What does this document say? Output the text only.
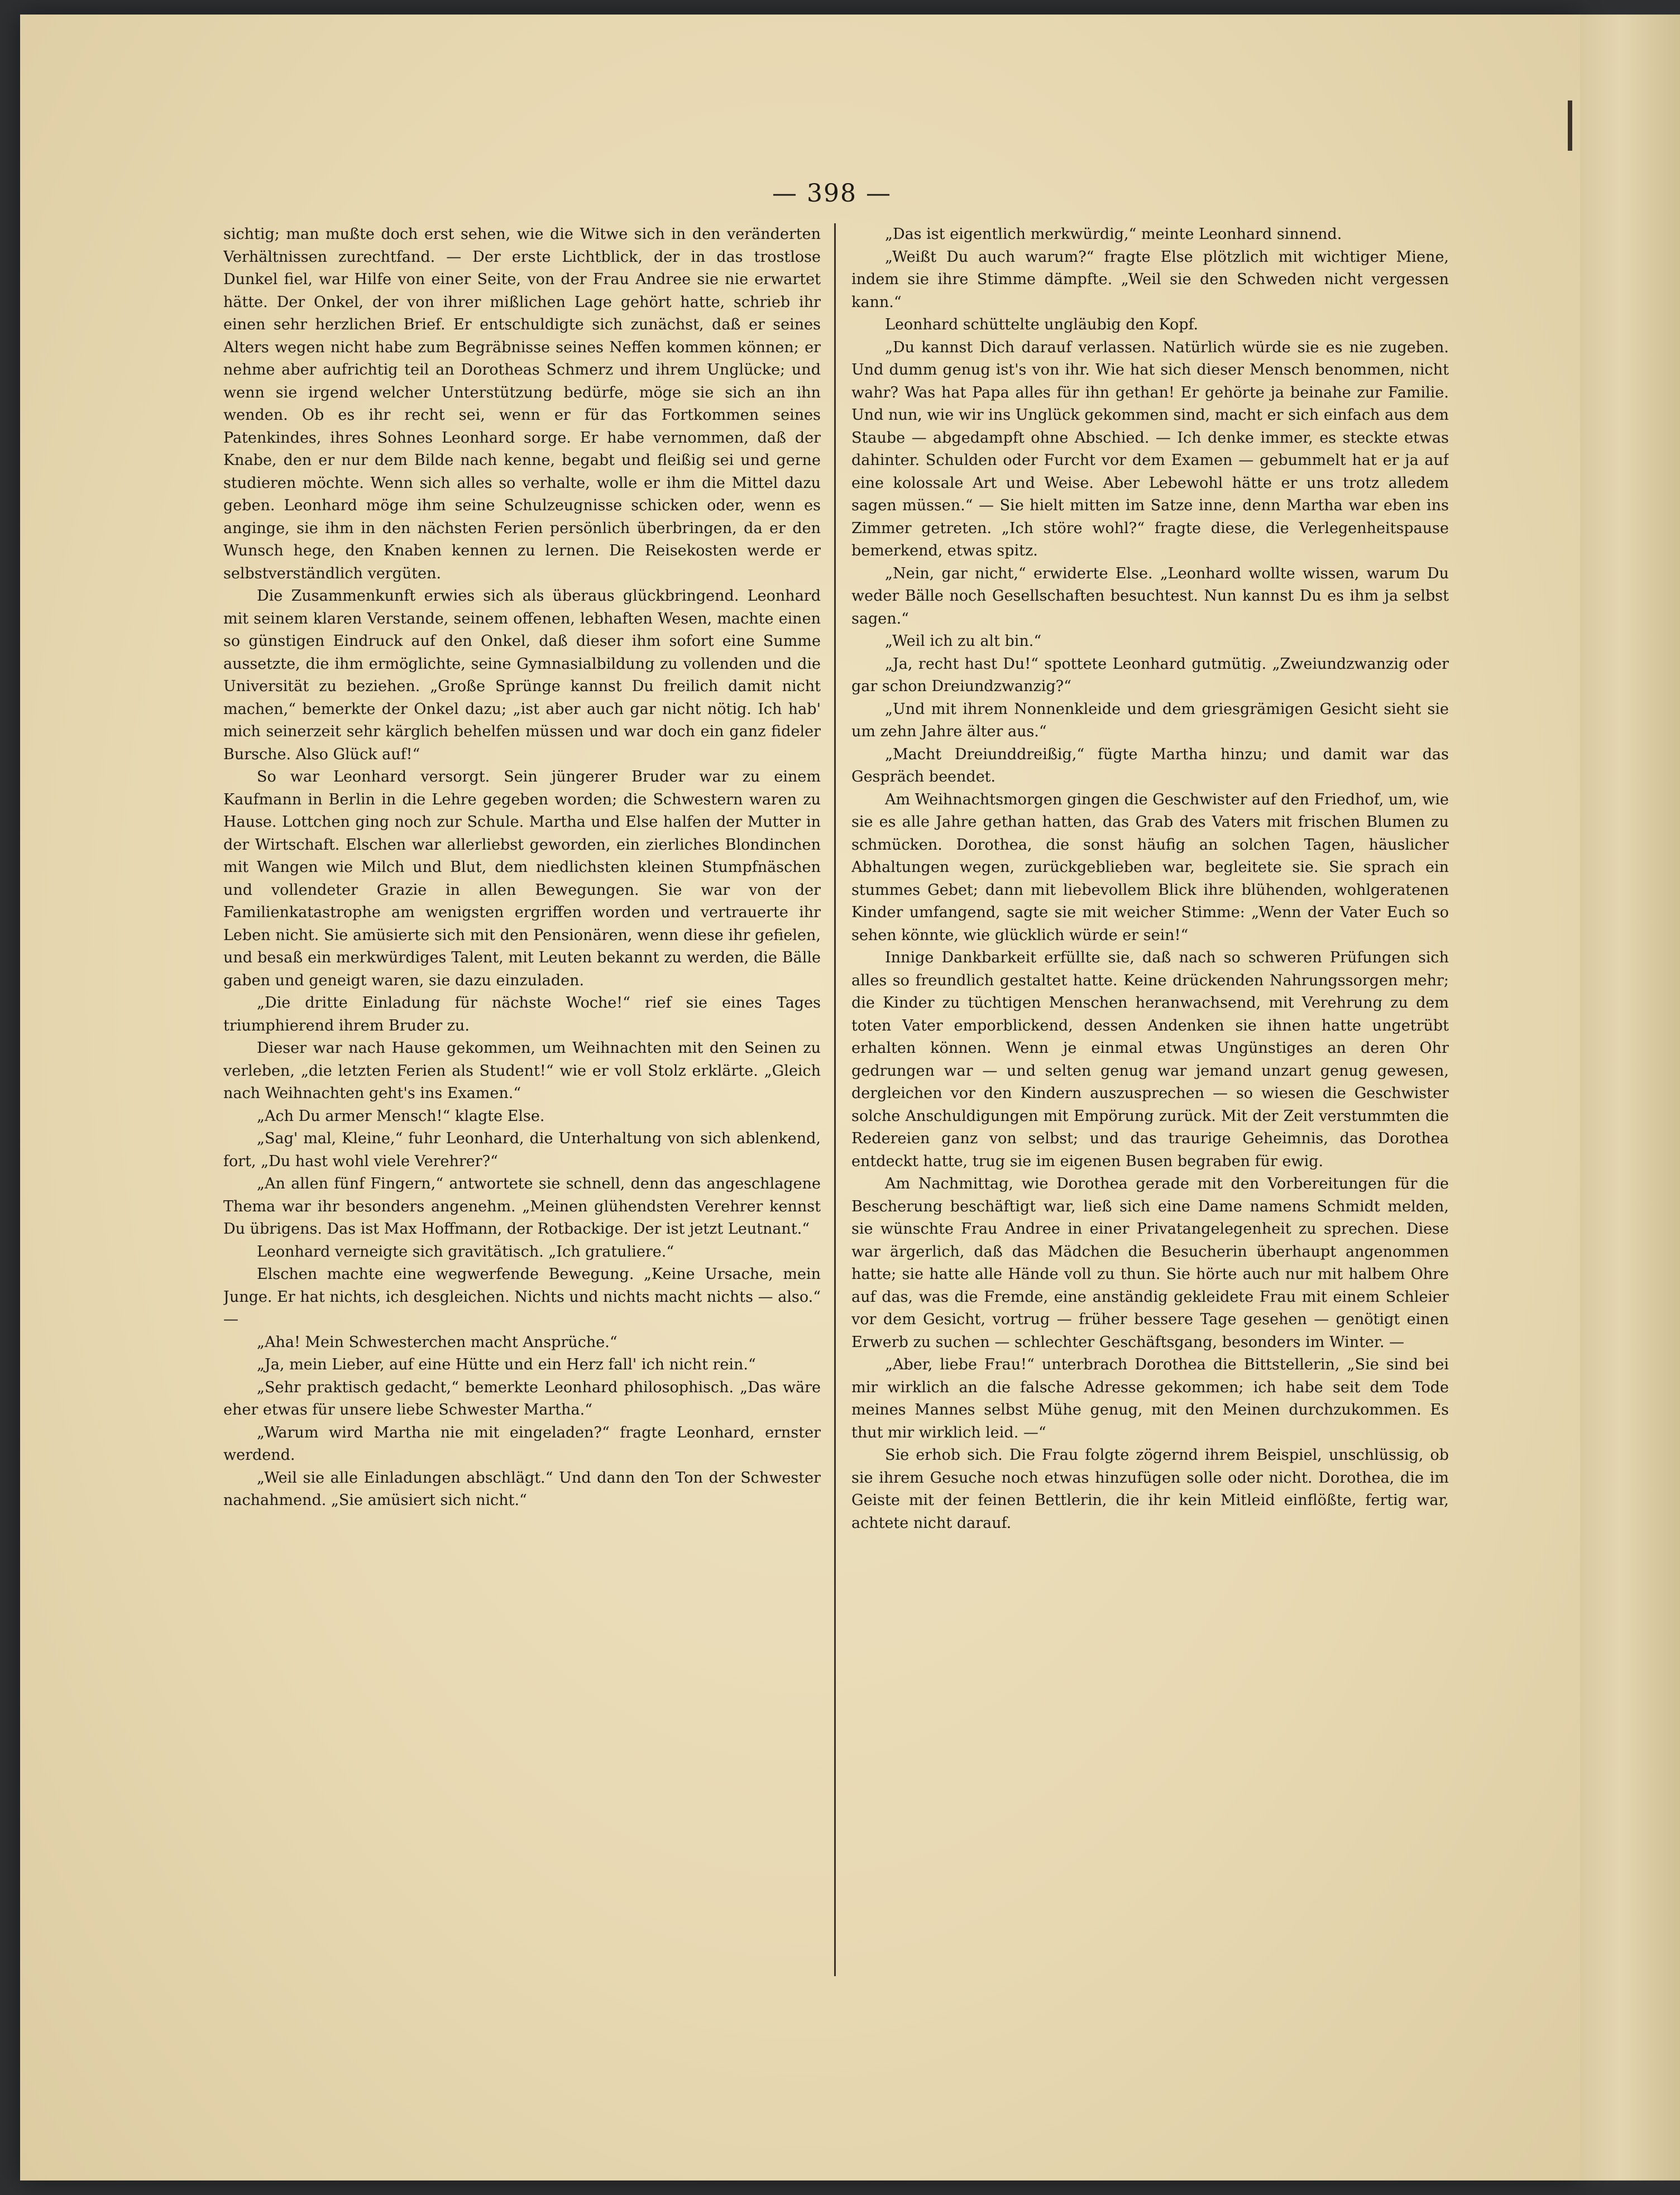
— 398 —

sichtig; man mußte doch erst sehen, wie die Witwe sich in den veränderten Verhältnissen zurechtfand. — Der erste Lichtblick, der in das trostlose Dunkel fiel, war Hilfe von einer Seite, von der Frau Andree sie nie erwartet hätte. Der Onkel, der von ihrer mißlichen Lage gehört hatte, schrieb ihr einen sehr herzlichen Brief. Er entschuldigte sich zunächst, daß er seines Alters wegen nicht habe zum Begräbnisse seines Neffen kommen können; er nehme aber aufrichtig teil an Dorotheas Schmerz und ihrem Unglücke; und wenn sie irgend welcher Unterstützung bedürfe, möge sie sich an ihn wenden. Ob es ihr recht sei, wenn er für das Fortkommen seines Patenkindes, ihres Sohnes Leonhard sorge. Er habe vernommen, daß der Knabe, den er nur dem Bilde nach kenne, begabt und fleißig sei und gerne studieren möchte. Wenn sich alles so verhalte, wolle er ihm die Mittel dazu geben. Leonhard möge ihm seine Schulzeugnisse schicken oder, wenn es anginge, sie ihm in den nächsten Ferien persönlich überbringen, da er den Wunsch hege, den Knaben kennen zu lernen. Die Reisekosten werde er selbstverständlich vergüten.

Die Zusammenkunft erwies sich als überaus glückbringend. Leonhard mit seinem klaren Verstande, seinem offenen, lebhaften Wesen, machte einen so günstigen Eindruck auf den Onkel, daß dieser ihm sofort eine Summe aussetzte, die ihm ermöglichte, seine Gymnasialbildung zu vollenden und die Universität zu beziehen. „Große Sprünge kannst Du freilich damit nicht machen,“ bemerkte der Onkel dazu; „ist aber auch gar nicht nötig. Ich hab' mich seinerzeit sehr kärglich behelfen müssen und war doch ein ganz fideler Bursche. Also Glück auf!“

So war Leonhard versorgt. Sein jüngerer Bruder war zu einem Kaufmann in Berlin in die Lehre gegeben worden; die Schwestern waren zu Hause. Lottchen ging noch zur Schule. Martha und Else halfen der Mutter in der Wirtschaft. Elschen war allerliebst geworden, ein zierliches Blondinchen mit Wangen wie Milch und Blut, dem niedlichsten kleinen Stumpfnäschen und vollendeter Grazie in allen Bewegungen. Sie war von der Familienkatastrophe am wenigsten ergriffen worden und vertrauerte ihr Leben nicht. Sie amüsierte sich mit den Pensionären, wenn diese ihr gefielen, und besaß ein merkwürdiges Talent, mit Leuten bekannt zu werden, die Bälle gaben und geneigt waren, sie dazu einzuladen.

„Die dritte Einladung für nächste Woche!“ rief sie eines Tages triumphierend ihrem Bruder zu.

Dieser war nach Hause gekommen, um Weihnachten mit den Seinen zu verleben, „die letzten Ferien als Student!“ wie er voll Stolz erklärte. „Gleich nach Weihnachten geht's ins Examen.“

„Ach Du armer Mensch!“ klagte Else.

„Sag' mal, Kleine,“ fuhr Leonhard, die Unterhaltung von sich ablenkend, fort, „Du hast wohl viele Verehrer?“

„An allen fünf Fingern,“ antwortete sie schnell, denn das angeschlagene Thema war ihr besonders angenehm. „Meinen glühendsten Verehrer kennst Du übrigens. Das ist Max Hoffmann, der Rotbackige. Der ist jetzt Leutnant.“

Leonhard verneigte sich gravitätisch. „Ich gratuliere.“

Elschen machte eine wegwerfende Bewegung. „Keine Ursache, mein Junge. Er hat nichts, ich desgleichen. Nichts und nichts macht nichts — also.“ —

„Aha! Mein Schwesterchen macht Ansprüche.“

„Ja, mein Lieber, auf eine Hütte und ein Herz fall' ich nicht rein.“

„Sehr praktisch gedacht,“ bemerkte Leonhard philosophisch. „Das wäre eher etwas für unsere liebe Schwester Martha.“

„Warum wird Martha nie mit eingeladen?“ fragte Leonhard, ernster werdend.

„Weil sie alle Einladungen abschlägt.“ Und dann den Ton der Schwester nachahmend. „Sie amüsiert sich nicht.“

„Das ist eigentlich merkwürdig,“ meinte Leonhard sinnend.

„Weißt Du auch warum?“ fragte Else plötzlich mit wichtiger Miene, indem sie ihre Stimme dämpfte. „Weil sie den Schweden nicht vergessen kann.“

Leonhard schüttelte ungläubig den Kopf.

„Du kannst Dich darauf verlassen. Natürlich würde sie es nie zugeben. Und dumm genug ist's von ihr. Wie hat sich dieser Mensch benommen, nicht wahr? Was hat Papa alles für ihn gethan! Er gehörte ja beinahe zur Familie. Und nun, wie wir ins Unglück gekommen sind, macht er sich einfach aus dem Staube — abgedampft ohne Abschied. — Ich denke immer, es steckte etwas dahinter. Schulden oder Furcht vor dem Examen — gebummelt hat er ja auf eine kolossale Art und Weise. Aber Lebewohl hätte er uns trotz alledem sagen müssen.“ — Sie hielt mitten im Satze inne, denn Martha war eben ins Zimmer getreten. „Ich störe wohl?“ fragte diese, die Verlegenheitspause bemerkend, etwas spitz.

„Nein, gar nicht,“ erwiderte Else. „Leonhard wollte wissen, warum Du weder Bälle noch Gesellschaften besuchtest. Nun kannst Du es ihm ja selbst sagen.“

„Weil ich zu alt bin.“

„Ja, recht hast Du!“ spottete Leonhard gutmütig. „Zweiundzwanzig oder gar schon Dreiundzwanzig?“

„Und mit ihrem Nonnenkleide und dem griesgrämigen Gesicht sieht sie um zehn Jahre älter aus.“

„Macht Dreiunddreißig,“ fügte Martha hinzu; und damit war das Gespräch beendet.

Am Weihnachtsmorgen gingen die Geschwister auf den Friedhof, um, wie sie es alle Jahre gethan hatten, das Grab des Vaters mit frischen Blumen zu schmücken. Dorothea, die sonst häufig an solchen Tagen, häuslicher Abhaltungen wegen, zurückgeblieben war, begleitete sie. Sie sprach ein stummes Gebet; dann mit liebevollem Blick ihre blühenden, wohlgeratenen Kinder umfangend, sagte sie mit weicher Stimme: „Wenn der Vater Euch so sehen könnte, wie glücklich würde er sein!“

Innige Dankbarkeit erfüllte sie, daß nach so schweren Prüfungen sich alles so freundlich gestaltet hatte. Keine drückenden Nahrungssorgen mehr; die Kinder zu tüchtigen Menschen heranwachsend, mit Verehrung zu dem toten Vater emporblickend, dessen Andenken sie ihnen hatte ungetrübt erhalten können. Wenn je einmal etwas Ungünstiges an deren Ohr gedrungen war — und selten genug war jemand unzart genug gewesen, dergleichen vor den Kindern auszusprechen — so wiesen die Geschwister solche Anschuldigungen mit Empörung zurück. Mit der Zeit verstummten die Redereien ganz von selbst; und das traurige Geheimnis, das Dorothea entdeckt hatte, trug sie im eigenen Busen begraben für ewig.

Am Nachmittag, wie Dorothea gerade mit den Vorbereitungen für die Bescherung beschäftigt war, ließ sich eine Dame namens Schmidt melden, sie wünschte Frau Andree in einer Privatangelegenheit zu sprechen. Diese war ärgerlich, daß das Mädchen die Besucherin überhaupt angenommen hatte; sie hatte alle Hände voll zu thun. Sie hörte auch nur mit halbem Ohre auf das, was die Fremde, eine anständig gekleidete Frau mit einem Schleier vor dem Gesicht, vortrug — früher bessere Tage gesehen — genötigt einen Erwerb zu suchen — schlechter Geschäftsgang, besonders im Winter. —

„Aber, liebe Frau!“ unterbrach Dorothea die Bittstellerin, „Sie sind bei mir wirklich an die falsche Adresse gekommen; ich habe seit dem Tode meines Mannes selbst Mühe genug, mit den Meinen durchzukommen. Es thut mir wirklich leid. —“

Sie erhob sich. Die Frau folgte zögernd ihrem Beispiel, unschlüssig, ob sie ihrem Gesuche noch etwas hinzufügen solle oder nicht. Dorothea, die im Geiste mit der feinen Bettlerin, die ihr kein Mitleid einflößte, fertig war, achtete nicht darauf.
